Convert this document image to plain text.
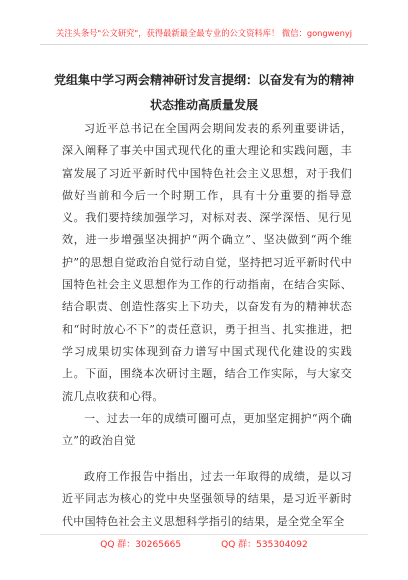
关注头条号"公文研究"，获得最新最全最专业的公文资料库！ 微信：gongwenyj
党组集中学习两会精神研讨发言提纲：以奋发有为的精神
状态推动高质量发展

习近平总书记在全国两会期间发表的系列重要讲话，深入阐释了事关中国式现代化的重大理论和实践问题，丰富发展了习近平新时代中国特色社会主义思想，对于我们做好当前和今后一个时期工作，具有十分重要的指导意义。我们要持续加强学习，对标对表、深学深悟、见行见效，进一步增强坚决拥护“两个确立”、坚决做到“两个维护”的思想自觉政治自觉行动自觉，坚持把习近平新时代中国特色社会主义思想作为工作的行动指南，在结合实际、结合职责、创造性落实上下功夫，以奋发有为的精神状态和“时时放心不下”的责任意识，勇于担当、扎实推进，把学习成果切实体现到奋力谱写中国式现代化建设的实践上。下面，围绕本次研讨主题，结合工作实际，与大家交流几点收获和心得。

一、过去一年的成绩可圈可点，更加坚定拥护“两个确立”的政治自觉

政府工作报告中指出，过去一年取得的成绩，是以习近平同志为核心的党中央坚强领导的结果，是习近平新时代中国特色社会主义思想科学指引的结果，是全党全军全

QQ 群：30265665	QQ 群：535304092
